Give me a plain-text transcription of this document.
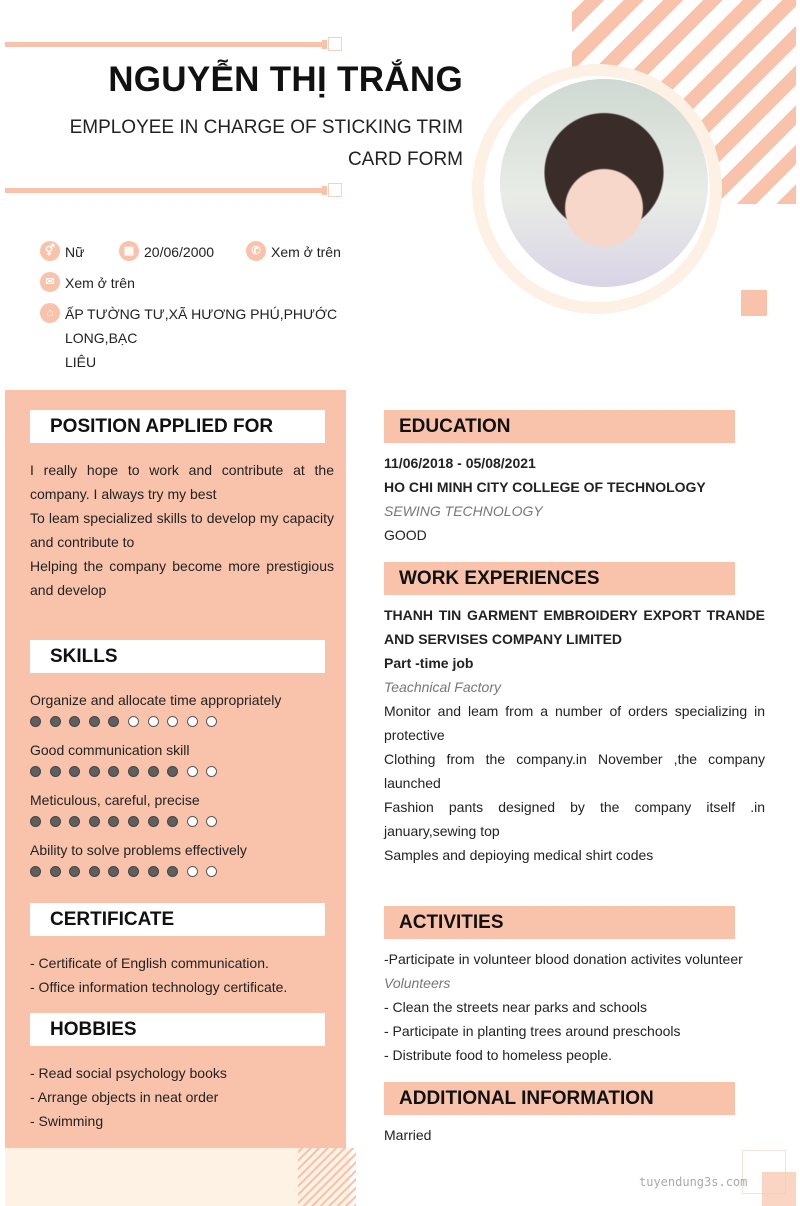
NGUYỄN THỊ TRẮNG
EMPLOYEE IN CHARGE OF STICKING TRIM
CARD FORM
⚥ Nữ	▦ 20/06/2000	✆ Xem ở trên
✉ Xem ở trên
⌂ ẤP TƯỜNG TƯ,XÃ HƯƠNG PHÚ,PHƯỚC LONG,BẠC
LIÊU
POSITION APPLIED FOR
I really hope to work and contribute at the company. I always try my best
To leam specialized skills to develop my capacity and contribute to
Helping the company become more prestigious and develop
SKILLS
Organize and allocate time appropriately
Good communication skill
Meticulous, careful, precise
Ability to solve problems effectively
CERTIFICATE
- Certificate of English communication.
- Office information technology certificate.
HOBBIES
- Read social psychology books
- Arrange objects in neat order
- Swimming
EDUCATION
11/06/2018 - 05/08/2021
HO CHI MINH CITY COLLEGE OF TECHNOLOGY
SEWING TECHNOLOGY
GOOD
WORK EXPERIENCES
THANH TIN GARMENT EMBROIDERY EXPORT TRANDE AND SERVISES COMPANY LIMITED
Part -time job
Teachnical Factory
Monitor and leam from a number of orders specializing in protective
Clothing from the company.in November ,the company launched
Fashion pants designed by the company itself .in january,sewing top
Samples and depioying medical shirt codes
ACTIVITIES
-Participate in volunteer blood donation activites volunteer
Volunteers
- Clean the streets near parks and schools
- Participate in planting trees around preschools
- Distribute food to homeless people.
ADDITIONAL INFORMATION
Married
tuyendung3s.com
